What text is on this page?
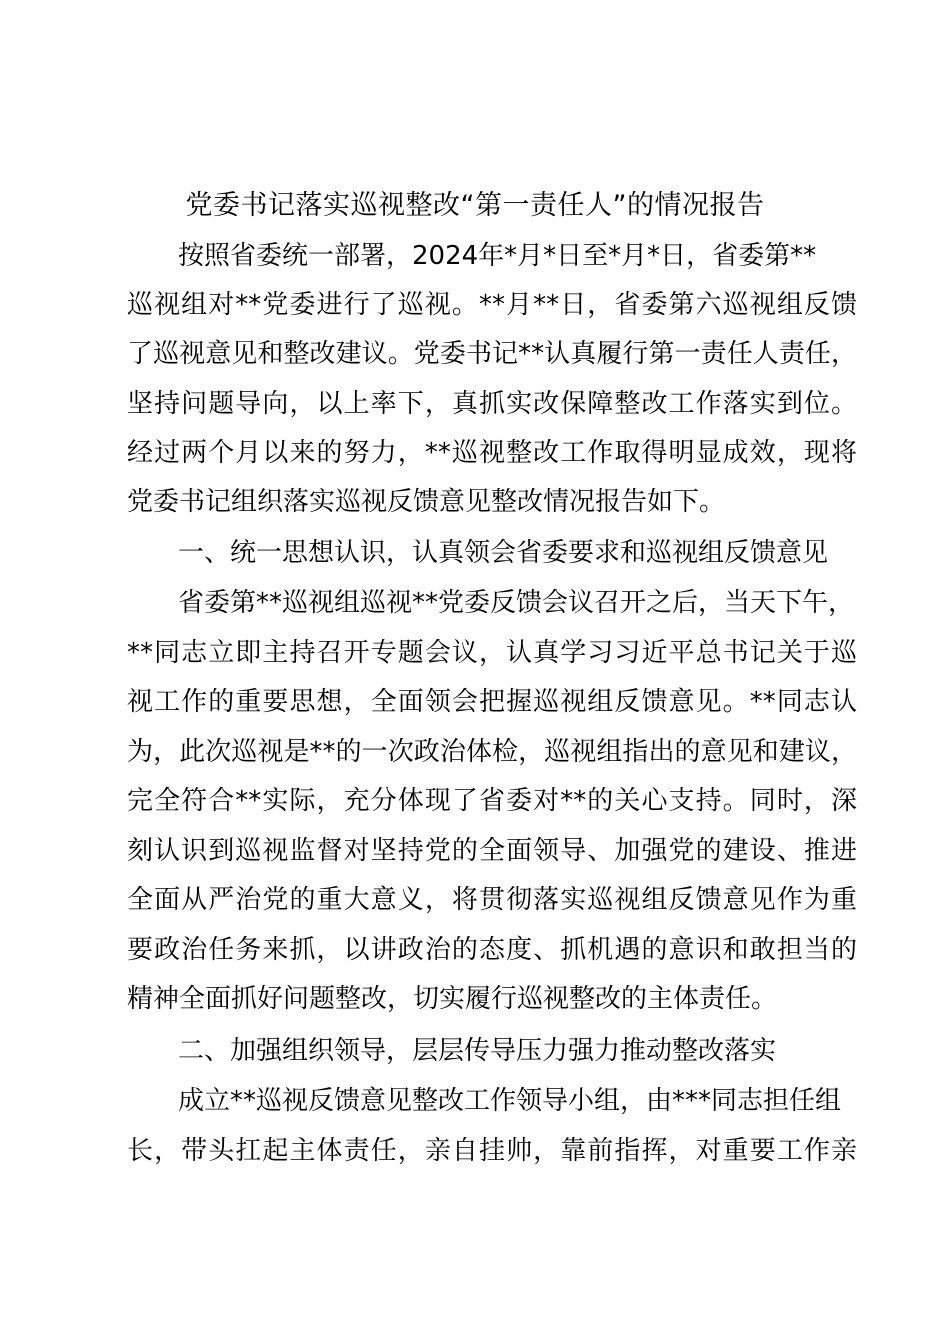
党委书记落实巡视整改“第一责任人”的情况报告
按照省委统一部署，2024年*月*日至*月*日，省委第**
巡视组对**党委进行了巡视。**月**日，省委第六巡视组反馈
了巡视意见和整改建议。党委书记**认真履行第一责任人责任，
坚持问题导向，以上率下，真抓实改保障整改工作落实到位。
经过两个月以来的努力，**巡视整改工作取得明显成效，现将
党委书记组织落实巡视反馈意见整改情况报告如下。
一、统一思想认识，认真领会省委要求和巡视组反馈意见
省委第**巡视组巡视**党委反馈会议召开之后，当天下午，
**同志立即主持召开专题会议，认真学习习近平总书记关于巡
视工作的重要思想，全面领会把握巡视组反馈意见。**同志认
为，此次巡视是**的一次政治体检，巡视组指出的意见和建议，
完全符合**实际，充分体现了省委对**的关心支持。同时，深
刻认识到巡视监督对坚持党的全面领导、加强党的建设、推进
全面从严治党的重大意义，将贯彻落实巡视组反馈意见作为重
要政治任务来抓，以讲政治的态度、抓机遇的意识和敢担当的
精神全面抓好问题整改，切实履行巡视整改的主体责任。
二、加强组织领导，层层传导压力强力推动整改落实
成立**巡视反馈意见整改工作领导小组，由***同志担任组
长，带头扛起主体责任，亲自挂帅，靠前指挥，对重要工作亲
